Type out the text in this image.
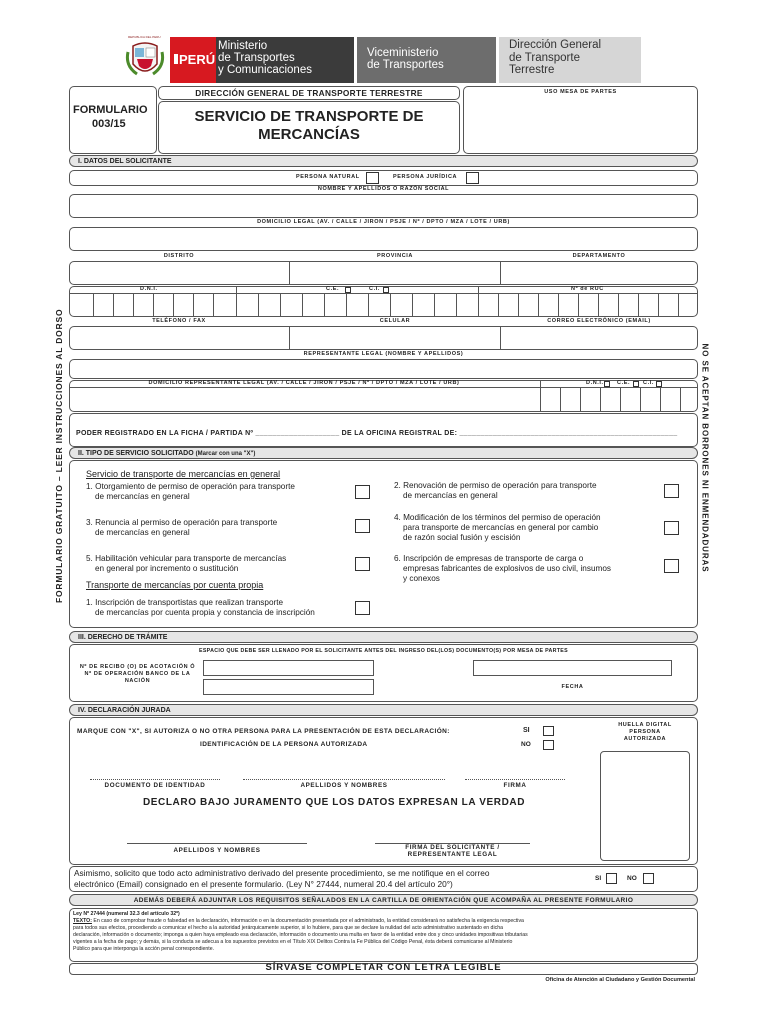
REPUBLICA DEL PERU
PERÚ
Ministerio
de Transportes
y Comunicaciones
Viceministerio
de Transportes
Dirección General
de Transporte
Terrestre
FORMULARIO
003/15
DIRECCIÓN GENERAL DE TRANSPORTE TERRESTRE
SERVICIO DE TRANSPORTE DE
MERCANCÍAS
USO MESA DE PARTES
FORMULARIO GRATUITO – LEER INSTRUCCIONES AL DORSO	NO SE ACEPTAN BORRONES NI ENMENDADURAS
I. DATOS DEL SOLICITANTE
PERSONA NATURAL	PERSONA JURÍDICA
NOMBRE Y APELLIDOS O RAZÓN SOCIAL
DOMICILIO LEGAL (AV. / CALLE / JIRON / PSJE / Nº / DPTO / MZA / LOTE / URB)
DISTRITO	PROVINCIA	DEPARTAMENTO
D.N.I.	C.E.	C.I.	Nº de RUC
TELÉFONO / FAX	CELULAR	CORREO ELECTRÓNICO (EMAIL)
REPRESENTANTE LEGAL (NOMBRE Y APELLIDOS)
DOMICILIO REPRESENTANTE LEGAL (AV. / CALLE / JIRON / PSJE / Nº / DPTO / MZA / LOTE / URB)	D.N.I. C.E. C.I.
PODER REGISTRADO EN LA FICHA / PARTIDA Nº ____________________ DE LA OFICINA REGISTRAL DE: ____________________________________________________
II. TIPO DE SERVICIO SOLICITADO (Marcar con una "X")
Servicio de transporte de mercancías en general
1. Otorgamiento de permiso de operación para transporte
de mercancías en general
2. Renovación de permiso de operación para transporte
de mercancías en general
3. Renuncia al permiso de operación para transporte
de mercancías en general
4. Modificación de los términos del permiso de operación
para transporte de mercancías en general por cambio
de razón social fusión y escisión
5. Habilitación vehicular para transporte de mercancías
en general por incremento o sustitución
6. Inscripción de empresas de transporte de carga o
empresas fabricantes de explosivos de uso civil, insumos
y conexos
Transporte de mercancías por cuenta propia
1. Inscripción de transportistas que realizan transporte
de mercancías por cuenta propia y constancia de inscripción
III. DERECHO DE TRÁMITE
ESPACIO QUE DEBE SER LLENADO POR EL SOLICITANTE ANTES DEL INGRESO DEL(LOS) DOCUMENTO(S) POR MESA DE PARTES
Nº DE RECIBO (O) DE ACOTACIÓN Ó
Nº DE OPERACIÓN BANCO DE LA
NACIÓN
FECHA
IV. DECLARACIÓN JURADA
MARQUE CON "X", SI AUTORIZA O NO OTRA PERSONA PARA LA PRESENTACIÓN DE ESTA DECLARACIÓN:
IDENTIFICACIÓN DE LA PERSONA AUTORIZADA
SI
NO
HUELLA DIGITAL
PERSONA
AUTORIZADA
DOCUMENTO DE IDENTIDAD	APELLIDOS Y NOMBRES	FIRMA
DECLARO BAJO JURAMENTO QUE LOS DATOS EXPRESAN LA VERDAD
APELLIDOS Y NOMBRES	FIRMA DEL SOLICITANTE /
REPRESENTANTE LEGAL
Asimismo, solicito que todo acto administrativo derivado del presente procedimiento, se me notifique en el correo
electrónico (Email) consignado en el presente formulario. (Ley N° 27444, numeral 20.4 del artículo 20°)	SI	NO
ADEMÁS DEBERÁ ADJUNTAR LOS REQUISITOS SEÑALADOS EN LA CARTILLA DE ORIENTACIÓN QUE ACOMPAÑA AL PRESENTE FORMULARIO
Ley Nº 27444 (numeral 32.3 del artículo 32º)
TEXTO: En caso de comprobar fraude o falsedad en la declaración, información o en la documentación presentada por el administrado, la entidad considerará no satisfecha la exigencia respectiva
para todos sus efectos, procediendo a comunicar el hecho a la autoridad jerárquicamente superior, si lo hubiere, para que se declare la nulidad del acto administrativo sustentado en dicha
declaración, información o documento; imponga a quien haya empleado esa declaración, información o documento una multa en favor de la entidad entre dos y cinco unidades impositivas tributarias
vigentes a la fecha de pago; y demás, si la conducta se adecua a los supuestos previstos en el Título XIX Delitos Contra la Fe Pública del Código Penal, ésta deberá comunicarse al Ministerio
Público para que interponga la acción penal correspondiente.
SÍRVASE COMPLETAR CON LETRA LEGIBLE
Oficina de Atención al Ciudadano y Gestión Documental
